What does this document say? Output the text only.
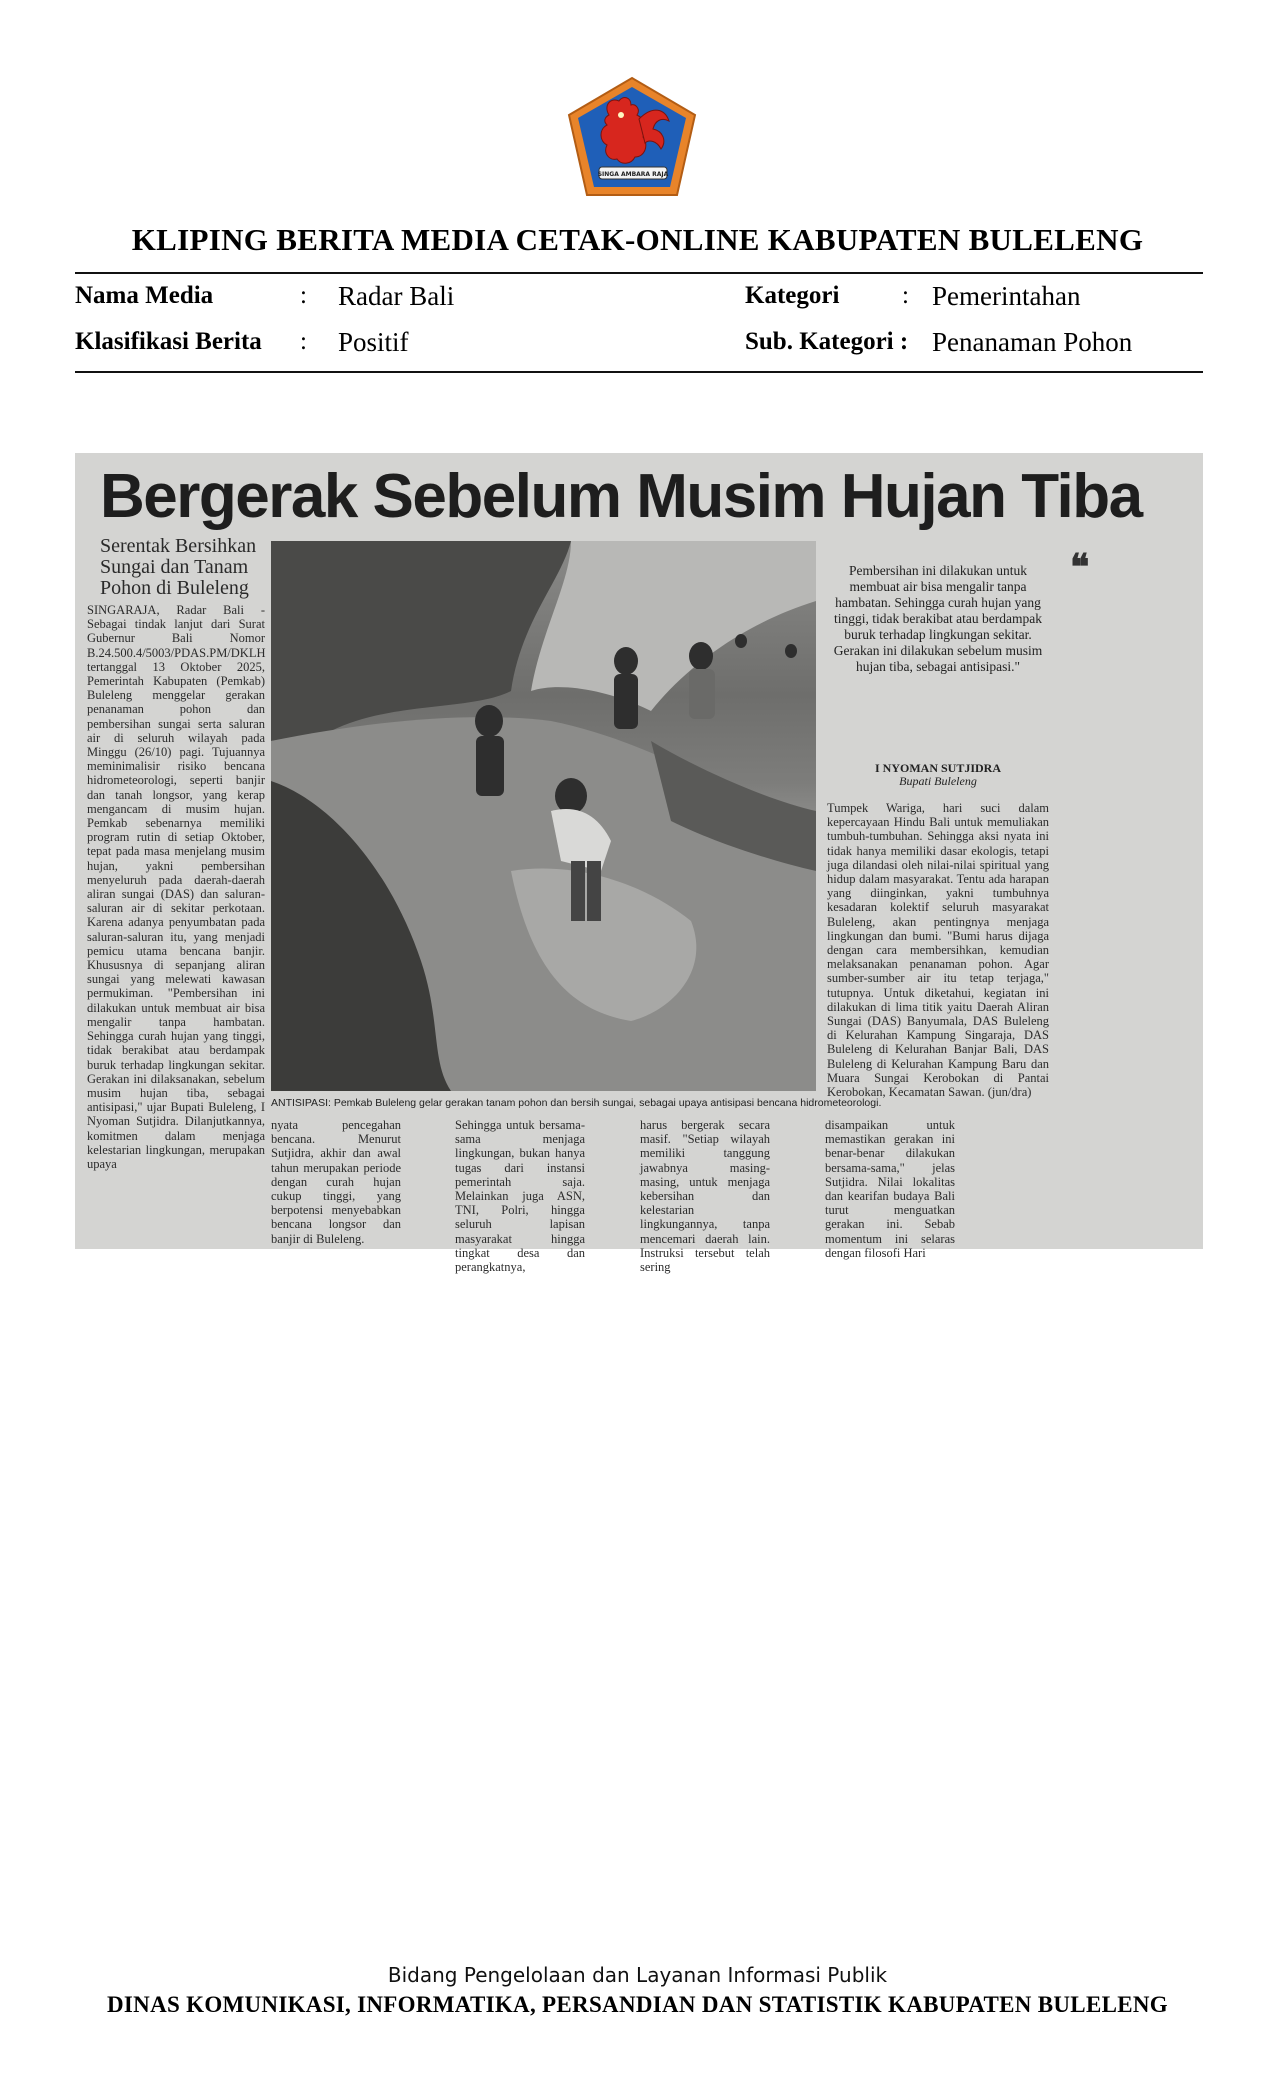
SINGA AMBARA RAJA
KLIPING BERITA MEDIA CETAK-ONLINE KABUPATEN BULELENG
Nama Media	: Radar Bali	Kategori	: Pemerintahan
Klasifikasi Berita : Positif	Sub. Kategori : Penanaman Pohon
Bergerak Sebelum Musim Hujan Tiba
Serentak Bersihkan Sungai dan Tanam Pohon di Buleleng
SINGARAJA, Radar Bali - Sebagai tindak lanjut dari Surat Gubernur Bali Nomor B.24.500.4/5003/PDAS.PM/DKLH tertanggal 13 Oktober 2025, Pemerintah Kabupaten (Pemkab) Buleleng menggelar gerakan penanaman pohon dan pembersihan sungai serta saluran air di seluruh wilayah pada Minggu (26/10) pagi. Tujuannya meminimalisir risiko bencana hidrometeorologi, seperti banjir dan tanah longsor, yang kerap mengancam di musim hujan. Pemkab sebenarnya memiliki program rutin di setiap Oktober, tepat pada masa menjelang musim hujan, yakni pembersihan menyeluruh pada daerah-daerah aliran sungai (DAS) dan saluran-saluran air di sekitar perkotaan. Karena adanya penyumbatan pada saluran-saluran itu, yang menjadi pemicu utama bencana banjir. Khususnya di sepanjang aliran sungai yang melewati kawasan permukiman. "Pembersihan ini dilakukan untuk membuat air bisa mengalir tanpa hambatan. Sehingga curah hujan yang tinggi, tidak berakibat atau berdampak buruk terhadap lingkungan sekitar. Gerakan ini dilaksanakan, sebelum musim hujan tiba, sebagai antisipasi," ujar Bupati Buleleng, I Nyoman Sutjidra. Dilanjutkannya, komitmen dalam menjaga kelestarian lingkungan, merupakan upaya
ANTISIPASI: Pemkab Buleleng gelar gerakan tanam pohon dan bersih sungai, sebagai upaya antisipasi bencana hidrometeorologi.
❝
Pembersihan ini dilakukan untuk membuat air bisa mengalir tanpa hambatan. Sehingga curah hujan yang tinggi, tidak berakibat atau berdampak buruk terhadap lingkungan sekitar. Gerakan ini dilakukan sebelum musim hujan tiba, sebagai antisipasi."
I NYOMAN SUTJIDRA
Bupati Buleleng
Tumpek Wariga, hari suci dalam kepercayaan Hindu Bali untuk memuliakan tumbuh-tumbuhan. Sehingga aksi nyata ini tidak hanya memiliki dasar ekologis, tetapi juga dilandasi oleh nilai-nilai spiritual yang hidup dalam masyarakat. Tentu ada harapan yang diinginkan, yakni tumbuhnya kesadaran kolektif seluruh masyarakat Buleleng, akan pentingnya menjaga lingkungan dan bumi. "Bumi harus dijaga dengan cara membersihkan, kemudian melaksanakan penanaman pohon. Agar sumber-sumber air itu tetap terjaga," tutupnya. Untuk diketahui, kegiatan ini dilakukan di lima titik yaitu Daerah Aliran Sungai (DAS) Banyumala, DAS Buleleng di Kelurahan Kampung Singaraja, DAS Buleleng di Kelurahan Banjar Bali, DAS Buleleng di Kelurahan Kampung Baru dan Muara Sungai Kerobokan di Pantai Kerobokan, Kecamatan Sawan. (jun/dra)
nyata pencegahan bencana. Menurut Sutjidra, akhir dan awal tahun merupakan periode dengan curah hujan cukup tinggi, yang berpotensi menyebabkan bencana longsor dan banjir di Buleleng.
Sehingga untuk bersama-sama menjaga lingkungan, bukan hanya tugas dari instansi pemerintah saja. Melainkan juga ASN, TNI, Polri, hingga seluruh lapisan masyarakat hingga tingkat desa dan perangkatnya,
harus bergerak secara masif. "Setiap wilayah memiliki tanggung jawabnya masing-masing, untuk menjaga kebersihan dan kelestarian lingkungannya, tanpa mencemari daerah lain. Instruksi tersebut telah sering
disampaikan untuk memastikan gerakan ini benar-benar dilakukan bersama-sama," jelas Sutjidra. Nilai lokalitas dan kearifan budaya Bali turut menguatkan gerakan ini. Sebab momentum ini selaras dengan filosofi Hari
Bidang Pengelolaan dan Layanan Informasi Publik
DINAS KOMUNIKASI, INFORMATIKA, PERSANDIAN DAN STATISTIK KABUPATEN BULELENG
